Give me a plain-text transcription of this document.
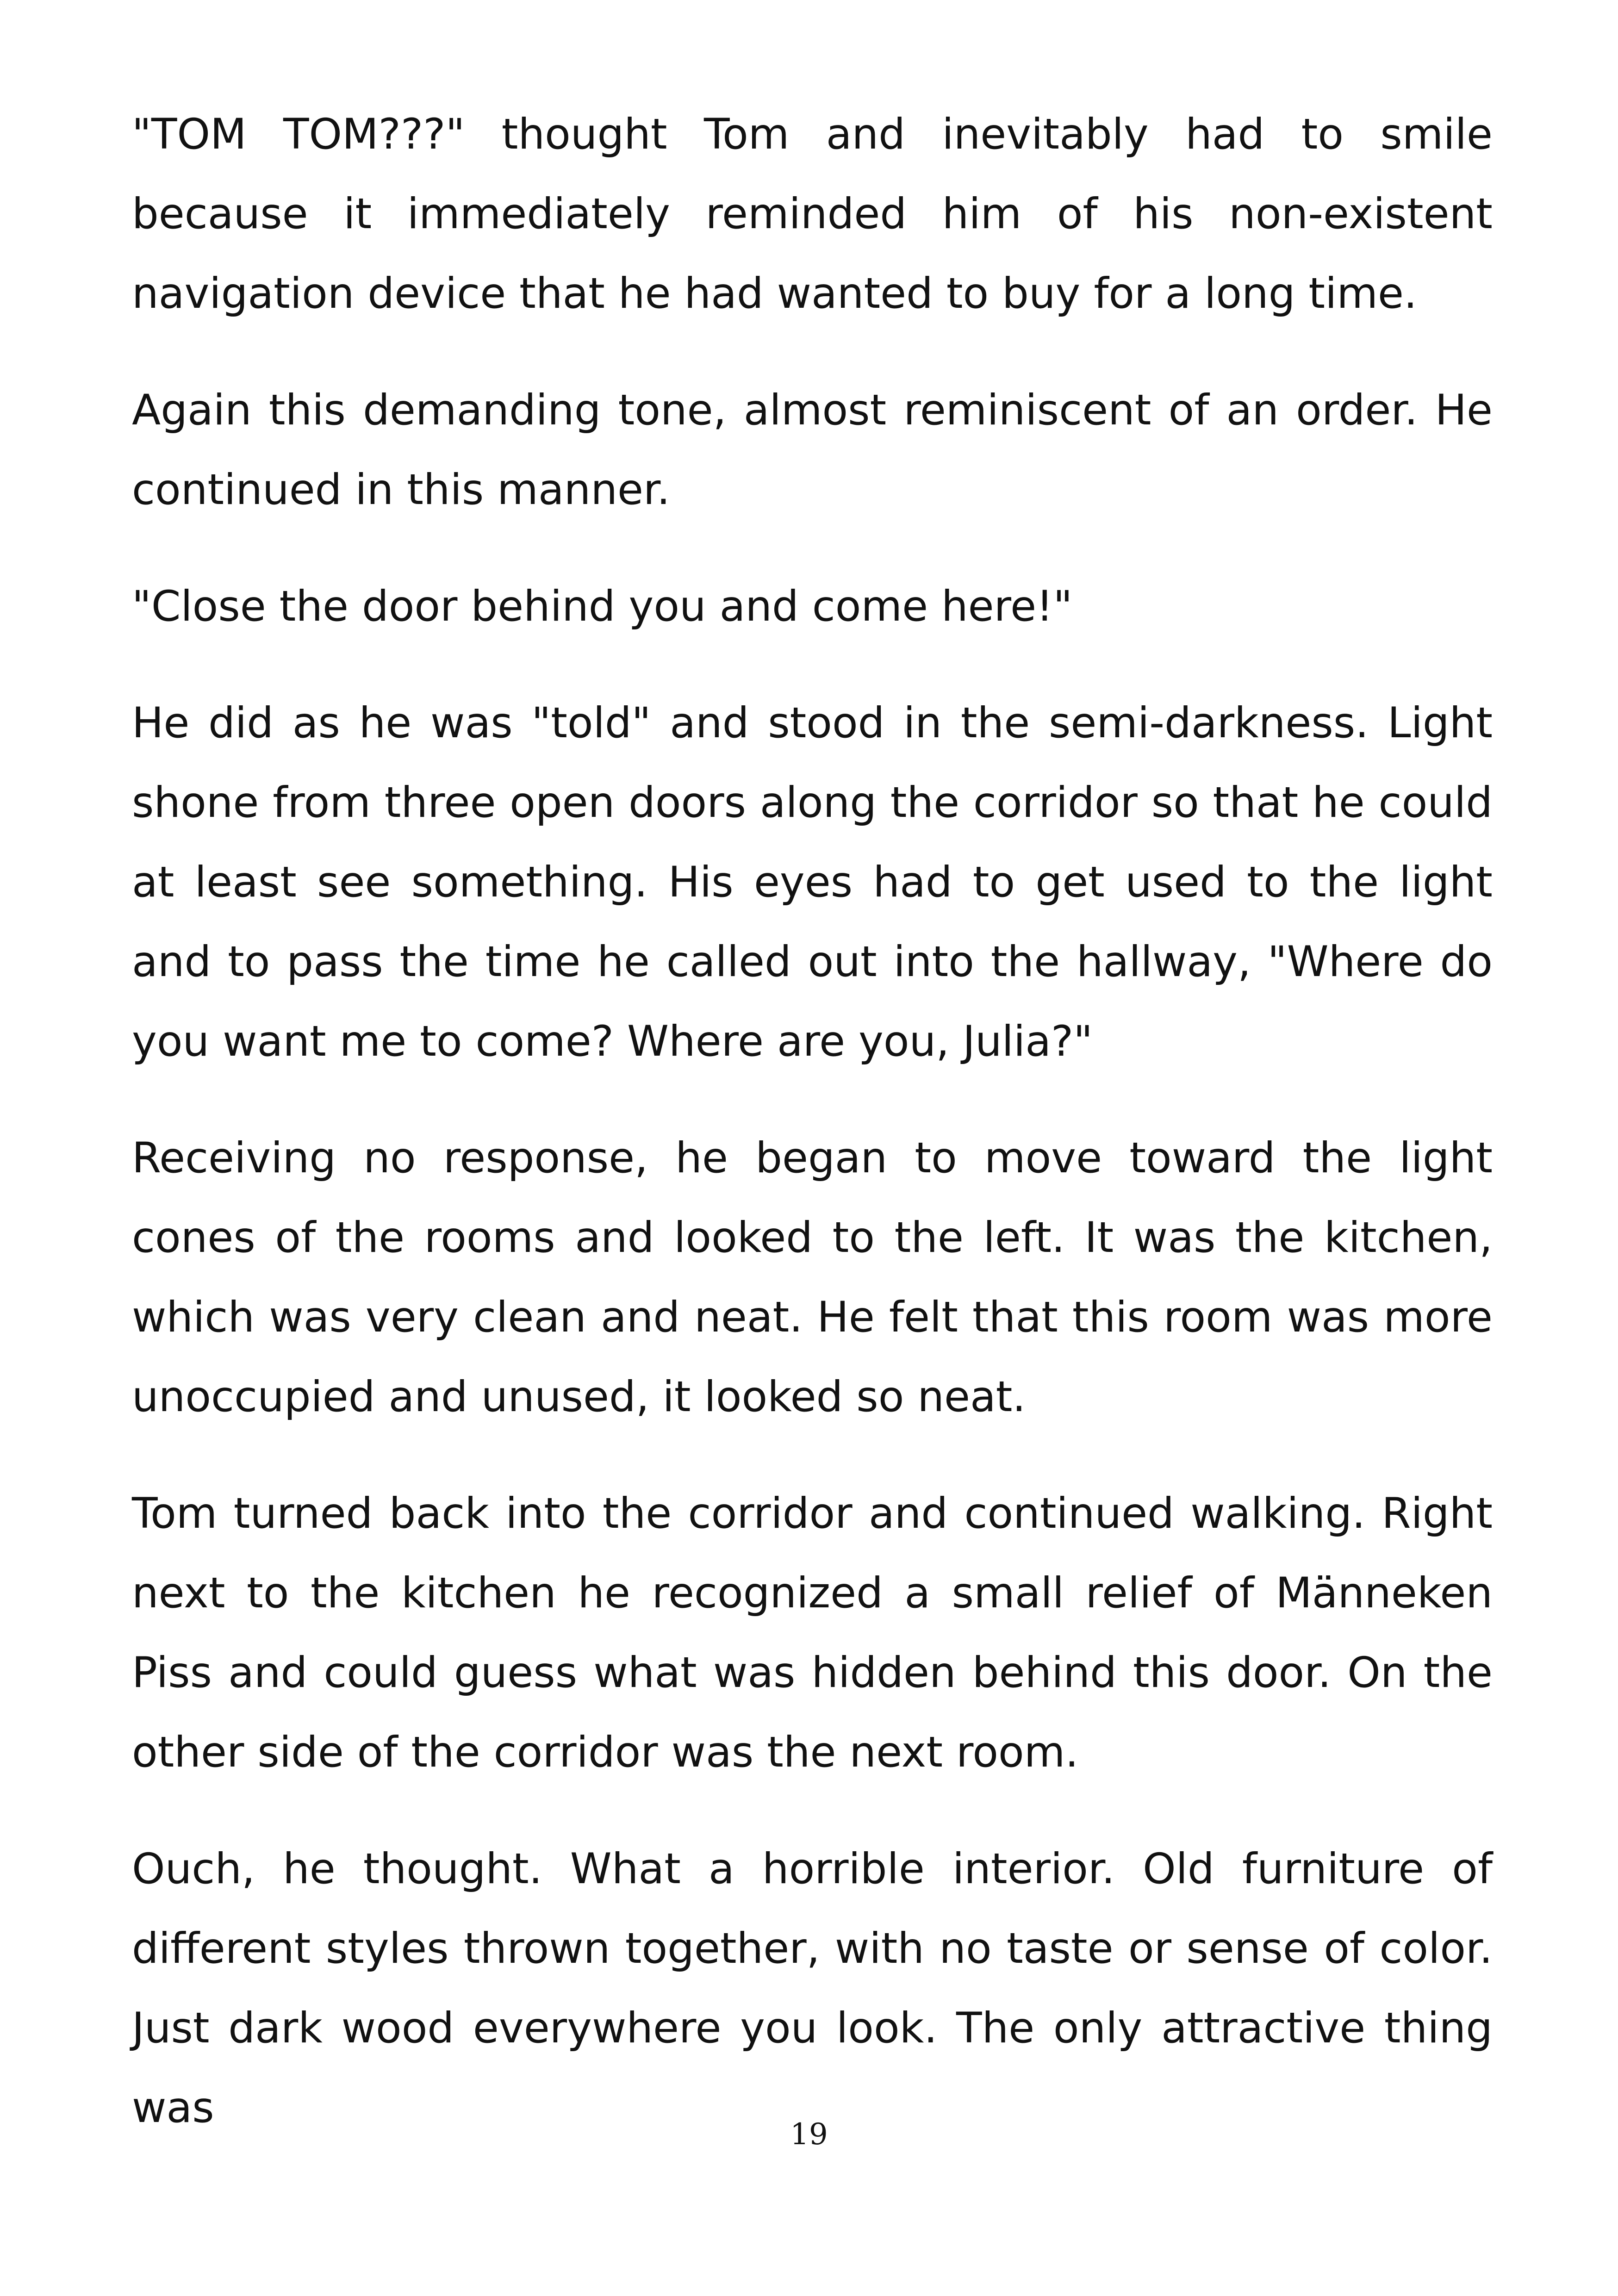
"TOM TOM???" thought Tom and inevitably had to smile because it immediately reminded him of his non-existent navigation device that he had wanted to buy for a long time.

Again this demanding tone, almost reminiscent of an order. He continued in this manner.

"Close the door behind you and come here!"

He did as he was "told" and stood in the semi-darkness. Light shone from three open doors along the corridor so that he could at least see something. His eyes had to get used to the light and to pass the time he called out into the hallway, "Where do you want me to come? Where are you, Julia?"

Receiving no response, he began to move toward the light cones of the rooms and looked to the left. It was the kitchen, which was very clean and neat. He felt that this room was more unoccupied and unused, it looked so neat.

Tom turned back into the corridor and continued walking. Right next to the kitchen he recognized a small relief of Männeken Piss and could guess what was hidden behind this door. On the other side of the corridor was the next room.

Ouch, he thought. What a horrible interior. Old furniture of different styles thrown together, with no taste or sense of color. Just dark wood everywhere you look. The only attractive thing was

19
